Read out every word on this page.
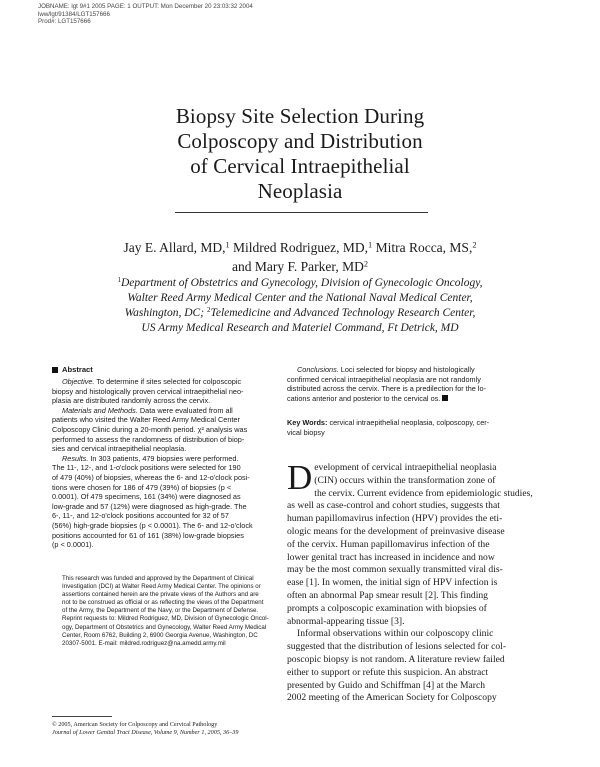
JOBNAME: lgt 9#1 2005 PAGE: 1 OUTPUT: Mon December 20 23:03:32 2004
lww/lgt/91384/LGT157666
Prod#: LGT157666
Biopsy Site Selection During
Colposcopy and Distribution
of Cervical Intraepithelial
Neoplasia
Jay E. Allard, MD,$^1$ Mildred Rodriguez, MD,$^1$ Mitra Rocca, MS,$^2$
and Mary F. Parker, $MD^2$
$^1$Department of Obstetrics and Gynecology, Division of Gynecologic Oncology,
Walter Reed Army Medical Center and the National Naval Medical Center,
Washington, DC; $^2$Telemedicine and Advanced Technology Research Center,
US Army Medical Research and Materiel Command, Ft Detrick, MD
Abstract
Objective. To determine if sites selected for colposcopic
biopsy and histologically proven cervical intraepithelial neo-
plasia are distributed randomly across the cervix.
Materials and Methods. Data were evaluated from all
patients who visited the Walter Reed Army Medical Center
Colposcopy Clinic during a 20-month period. χ² analysis was
performed to assess the randomness of distribution of biop-
sies and cervical intraepithelial neoplasia.
Results. In 303 patients, 479 biopsies were performed.
The 11-, 12-, and 1-o'clock positions were selected for 190
of 479 (40%) of biopsies, whereas the 6- and 12-o'clock posi-
tions were chosen for 186 of 479 (39%) of biopsies (p <
0.0001). Of 479 specimens, 161 (34%) were diagnosed as
low-grade and 57 (12%) were diagnosed as high-grade. The
6-, 11-, and 12-o'clock positions accounted for 32 of 57
(56%) high-grade biopsies (p < 0.0001). The 6- and 12-o'clock
positions accounted for 61 of 161 (38%) low-grade biopsies
(p < 0.0001).
This research was funded and approved by the Department of Clinical
Investigation (DCI) at Walter Reed Army Medical Center. The opinions or
assertions contained herein are the private views of the Authors and are
not to be construed as official or as reflecting the views of the Department
of the Army, the Department of the Navy, or the Department of Defense.
Reprint requests to: Mildred Rodriguez, MD, Division of Gynecologic Oncol-
ogy, Department of Obstetrics and Gynecology, Walter Reed Army Medical
Center, Room 6762, Building 2, 6900 Georgia Avenue, Washington, DC
20307-5001. E-mail: mildred.rodriguez@na.amedd.army.mil
© 2005, American Society for Colposcopy and Cervical Pathology
Journal of Lower Genital Tract Disease, Volume 9, Number 1, 2005, 36–39
Conclusions. Loci selected for biopsy and histologically
confirmed cervical intraepithelial neoplasia are not randomly
distributed across the cervix. There is a predilection for the lo-
cations anterior and posterior to the cervical os.
Key Words: cervical intraepithelial neoplasia, colposcopy, cer-
vical biopsy
D evelopment of cervical intraepithelial neoplasia
(CIN) occurs within the transformation zone of
the cervix. Current evidence from epidemiologic studies,
as well as case-control and cohort studies, suggests that
human papillomavirus infection (HPV) provides the eti-
ologic means for the development of preinvasive disease
of the cervix. Human papillomavirus infection of the
lower genital tract has increased in incidence and now
may be the most common sexually transmitted viral dis-
ease [1]. In women, the initial sign of HPV infection is
often an abnormal Pap smear result [2]. This finding
prompts a colposcopic examination with biopsies of
abnormal-appearing tissue [3].
Informal observations within our colposcopy clinic
suggested that the distribution of lesions selected for col-
poscopic biopsy is not random. A literature review failed
either to support or refute this suspicion. An abstract
presented by Guido and Schiffman [4] at the March
2002 meeting of the American Society for Colposcopy
